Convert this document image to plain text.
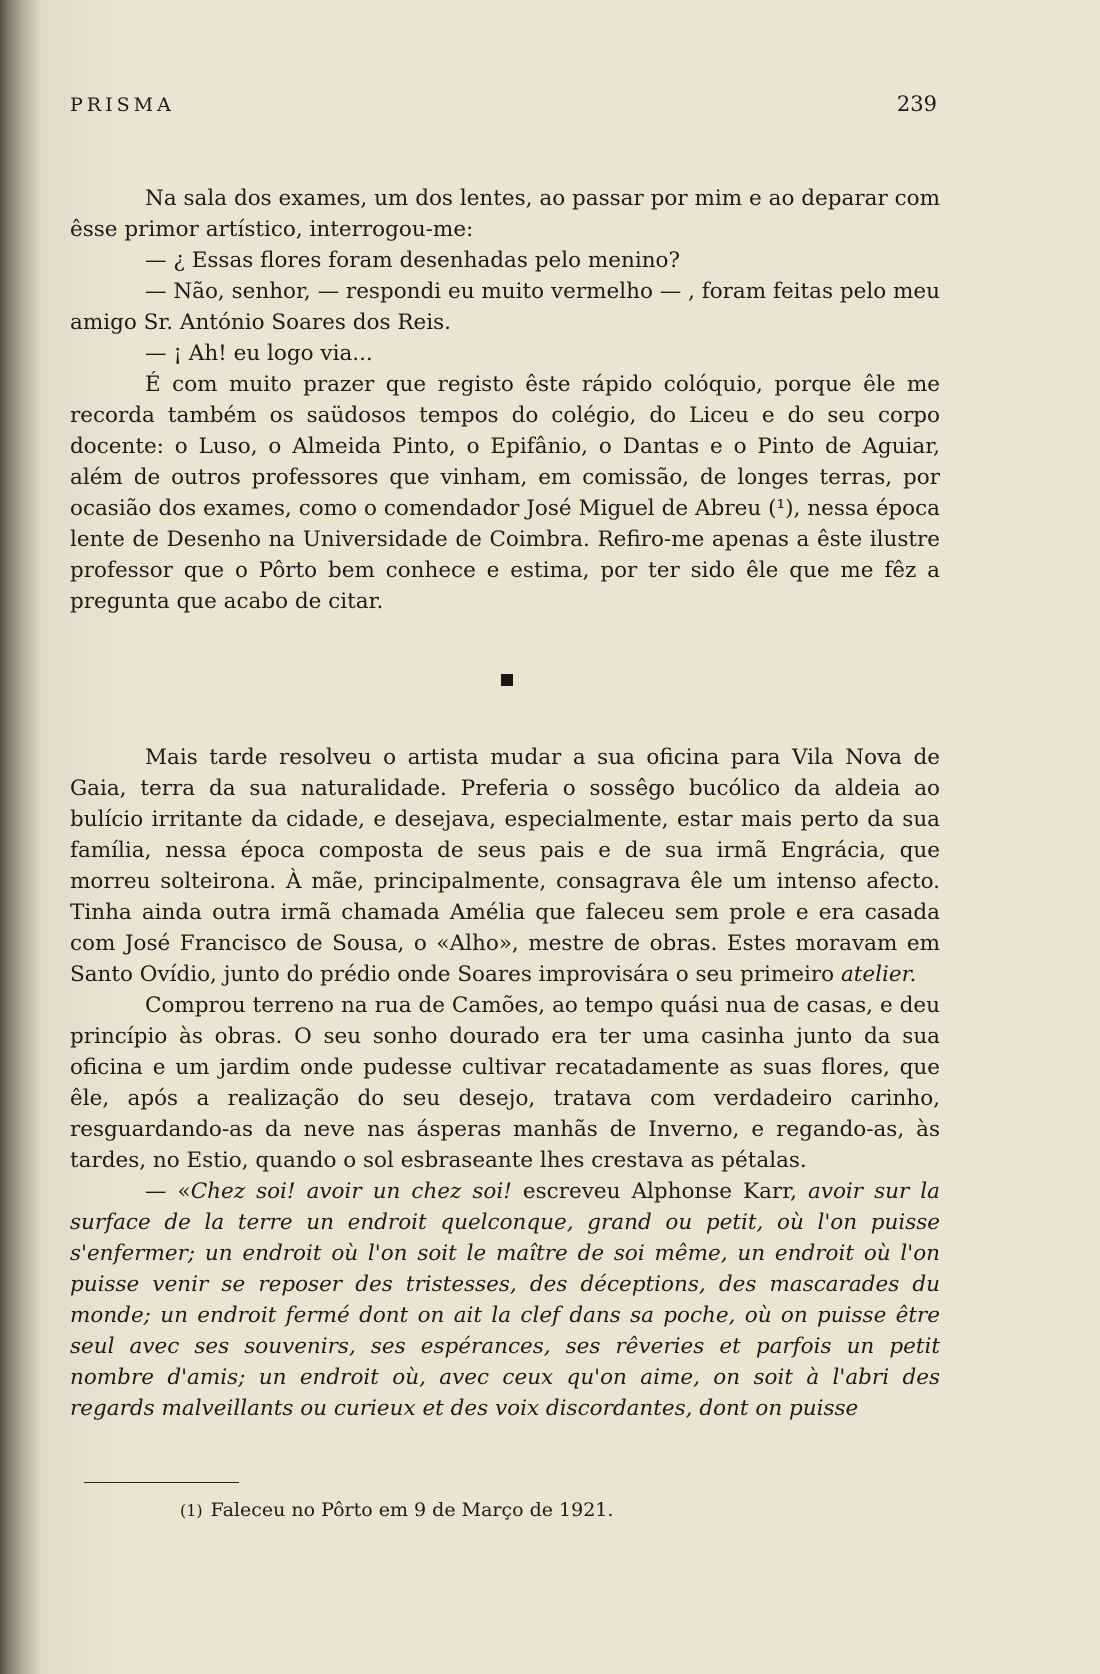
PRISMA	239

Na sala dos exames, um dos lentes, ao passar por mim e ao deparar com êsse primor artístico, interrogou-me:

— ¿ Essas flores foram desenhadas pelo menino?

— Não, senhor, — respondi eu muito vermelho — , foram feitas pelo meu amigo Sr. António Soares dos Reis.

— ¡ Ah! eu logo via...

É com muito prazer que registo êste rápido colóquio, porque êle me recorda também os saüdosos tempos do colégio, do Liceu e do seu corpo docente: o Luso, o Almeida Pinto, o Epifânio, o Dantas e o Pinto de Aguiar, além de outros professores que vinham, em comissão, de longes terras, por ocasião dos exames, como o comendador José Miguel de Abreu (¹), nessa época lente de Desenho na Universidade de Coimbra. Refiro-me apenas a êste ilustre professor que o Pôrto bem conhece e estima, por ter sido êle que me fêz a pregunta que acabo de citar.

Mais tarde resolveu o artista mudar a sua oficina para Vila Nova de Gaia, terra da sua naturalidade. Preferia o sossêgo bucólico da aldeia ao bulício irritante da cidade, e desejava, especialmente, estar mais perto da sua família, nessa época composta de seus pais e de sua irmã Engrácia, que morreu solteirona. À mãe, principalmente, consagrava êle um intenso afecto. Tinha ainda outra irmã chamada Amélia que faleceu sem prole e era casada com José Francisco de Sousa, o «Alho», mestre de obras. Estes moravam em Santo Ovídio, junto do prédio onde Soares improvisára o seu primeiro atelier.

Comprou terreno na rua de Camões, ao tempo quási nua de casas, e deu princípio às obras. O seu sonho dourado era ter uma casinha junto da sua oficina e um jardim onde pudesse cultivar recatadamente as suas flores, que êle, após a realização do seu desejo, tratava com verdadeiro carinho, resguardando-as da neve nas ásperas manhãs de Inverno, e regando-as, às tardes, no Estio, quando o sol esbraseante lhes crestava as pétalas.

— «Chez soi! avoir un chez soi! escreveu Alphonse Karr, avoir sur la surface de la terre un endroit quelconque, grand ou petit, où l'on puisse s'enfermer; un endroit où l'on soit le maître de soi même, un endroit où l'on puisse venir se reposer des tristesses, des déceptions, des mascarades du monde; un endroit fermé dont on ait la clef dans sa poche, où on puisse être seul avec ses souvenirs, ses espérances, ses rêveries et parfois un petit nombre d'amis; un endroit où, avec ceux qu'on aime, on soit à l'abri des regards malveillants ou curieux et des voix discordantes, dont on puisse

(1) Faleceu no Pôrto em 9 de Março de 1921.
